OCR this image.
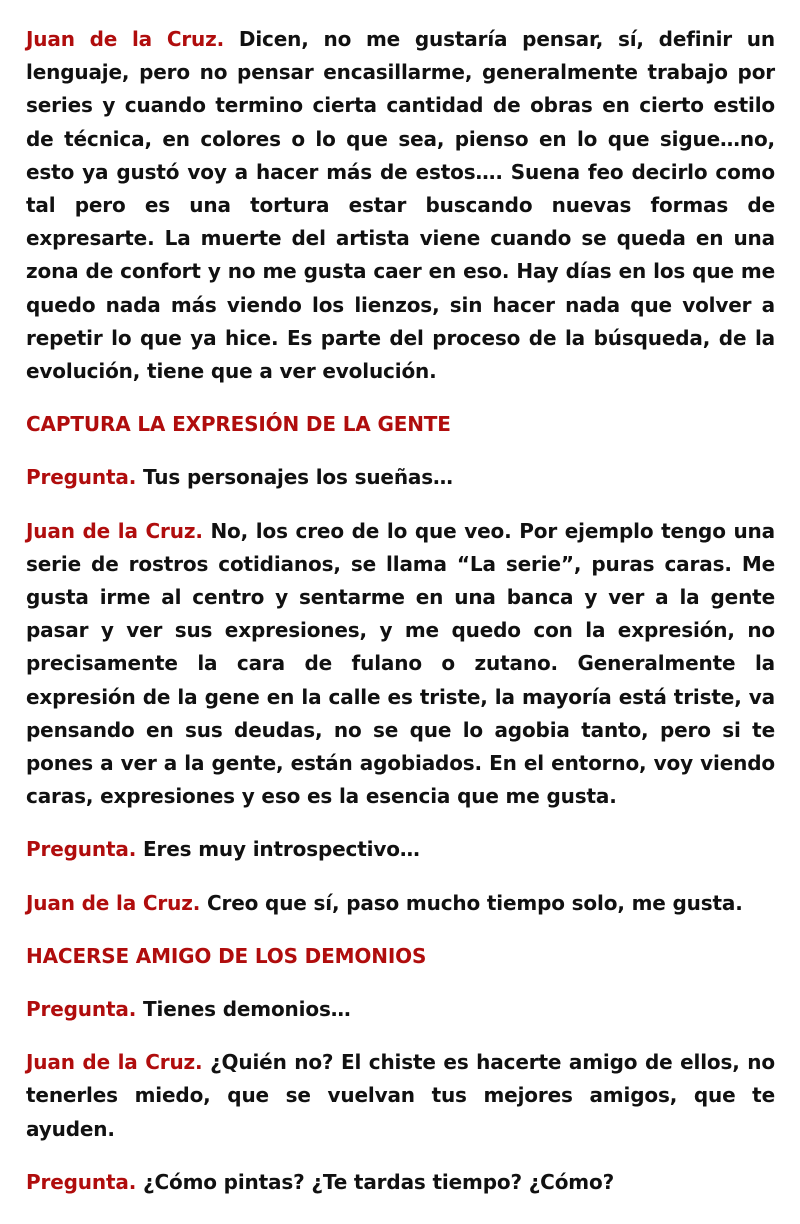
Juan de la Cruz. Dicen, no me gustaría pensar, sí, definir un lenguaje, pero no pensar encasillarme, generalmente trabajo por series y cuando termino cierta cantidad de obras en cierto estilo de técnica, en colores o lo que sea, pienso en lo que sigue…no, esto ya gustó voy a hacer más de estos…. Suena feo decirlo como tal pero es una tortura estar buscando nuevas formas de expresarte. La muerte del artista viene cuando se queda en una zona de confort y no me gusta caer en eso. Hay días en los que me quedo nada más viendo los lienzos, sin hacer nada que volver a repetir lo que ya hice. Es parte del proceso de la búsqueda, de la evolución, tiene que a ver evolución.

CAPTURA LA EXPRESIÓN DE LA GENTE

Pregunta. Tus personajes los sueñas…

Juan de la Cruz. No, los creo de lo que veo. Por ejemplo tengo una serie de rostros cotidianos, se llama “La serie”, puras caras. Me gusta irme al centro y sentarme en una banca y ver a la gente pasar y ver sus expresiones, y me quedo con la expresión, no precisamente la cara de fulano o zutano. Generalmente la expresión de la gene en la calle es triste, la mayoría está triste, va pensando en sus deudas, no se que lo agobia tanto, pero si te pones a ver a la gente, están agobiados. En el entorno, voy viendo caras, expresiones y eso es la esencia que me gusta.

Pregunta. Eres muy introspectivo…

Juan de la Cruz. Creo que sí, paso mucho tiempo solo, me gusta.

HACERSE AMIGO DE LOS DEMONIOS

Pregunta. Tienes demonios…

Juan de la Cruz. ¿Quién no? El chiste es hacerte amigo de ellos, no tenerles miedo, que se vuelvan tus mejores amigos, que te ayuden.

Pregunta. ¿Cómo pintas? ¿Te tardas tiempo? ¿Cómo?
